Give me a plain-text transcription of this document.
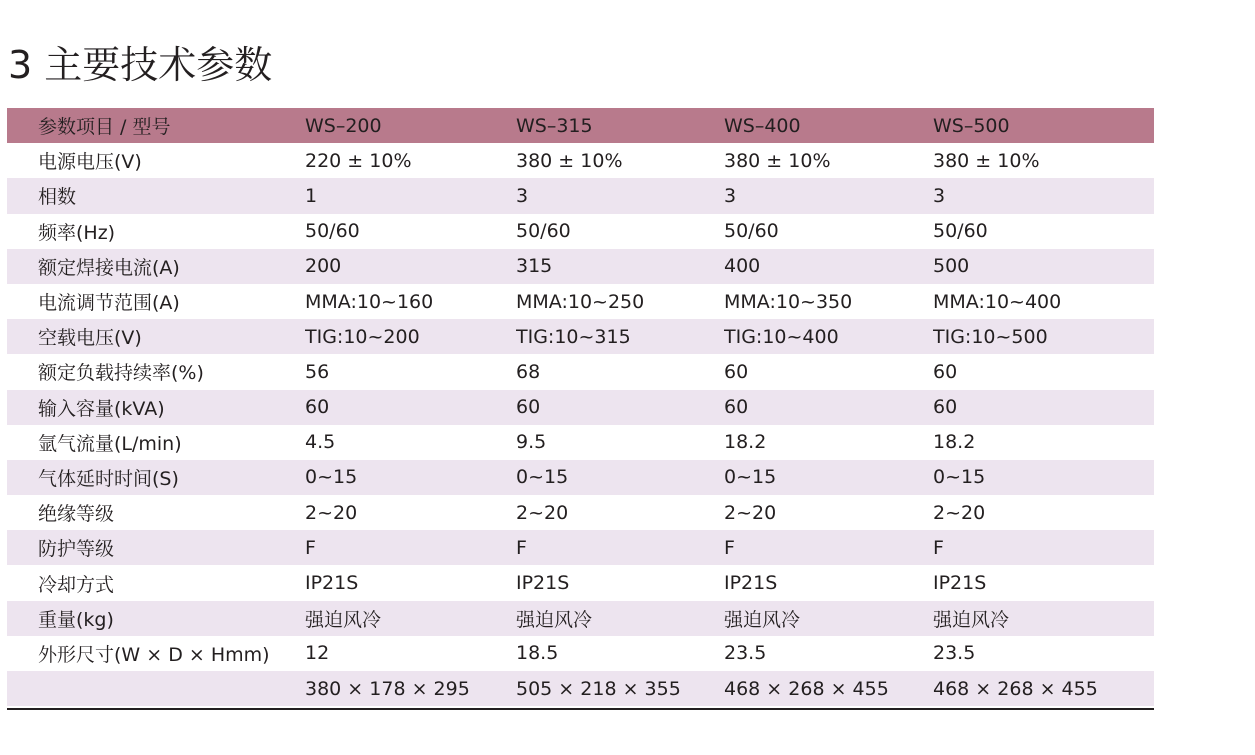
3 主要技术参数
参数项目 / 型号	WS–200	WS–315	WS–400	WS–500
电源电压(V)	220 ± 10%	380 ± 10%	380 ± 10%	380 ± 10%
相数	1	3	3	3
频率(Hz)	50/60	50/60	50/60	50/60
额定焊接电流(A)	200	315	400	500
电流调节范围(A)	MMA:10~160	MMA:10~250	MMA:10~350	MMA:10~400
空载电压(V)	TIG:10~200	TIG:10~315	TIG:10~400	TIG:10~500
额定负载持续率(%)	56	68	60	60
输入容量(kVA)	60	60	60	60
氩气流量(L/min)	4.5	9.5	18.2	18.2
气体延时时间(S)	0~15	0~15	0~15	0~15
绝缘等级	2~20	2~20	2~20	2~20
防护等级	F	F	F	F
冷却方式	IP21S	IP21S	IP21S	IP21S
重量(kg)	强迫风冷	强迫风冷	强迫风冷	强迫风冷
外形尺寸(W × D × Hmm)	12	18.5	23.5	23.5
	380 × 178 × 295	505 × 218 × 355	468 × 268 × 455	468 × 268 × 455
